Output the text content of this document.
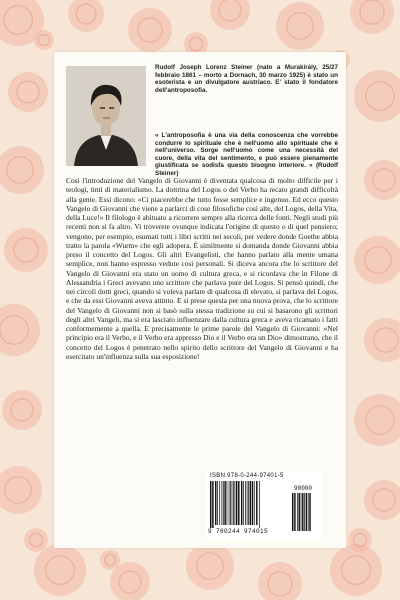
Rudolf Joseph Lorenz Steiner (nato a Murakirály, 25/27 febbraio 1861 – morto a Dornach, 30 marzo 1925) è stato un esoterista e un divulgatore austriaco. E' stato il fondatore dell'antroposofia.
« L'antroposofia è una via della conoscenza che vorrebbe condurre lo spirituale che è nell'uomo allo spirituale che è nell'universo. Sorge nell'uomo come una necessità del cuore, della vita del sentimento, e può essere pienamente giustificata se sodisfa questo bisogno interiore. » (Rudolf Steiner)
Così l'introduzione del Vangelo di Giovanni è diventata qualcosa di molto difficile per i teologi, tinti di materialismo. La dottrina del Logos o del Verbo ha recato grandi difficoltà alla gente. Essi dicono: «Ci piacerebbe che tutto fosse semplice e ingenuo. Ed ecco questo Vangelo di Giovanni che viene a parlarci di cose filosofiche così alte, del Logos, della Vita, della Luce!» Il filologo è abituato a ricorrere sempre alla ricerca delle fonti. Negli studi più recenti non si fa altro. Vi troverete ovunque indicata l'origine di questo o di quel pensiero; vengono, per esempio, esumati tutti i libri scritti nei secoli, per vedere donde Goethe abbia tratto la parola «Wurm» che egli adopera. È similmente si domanda donde Giovanni abbia preso il concetto del Logos. Gli altri Evangelisti, che hanno parlato alla mente umana semplice, non hanno espresso vedute così personali. Si diceva ancora che lo scrittore del Vangelo di Giovanni era stato un uomo di cultura greca, e si ricordava che in Filone di Alessandria i Greci avevano uno scrittore che parlava pure del Logos. Si pensò quindi, che nei circoli dotti greci, quando si voleva parlare di qualcosa di elevato, si parlava del Logos, e che da essi Giovanni aveva attinto. E si prese questa per una nuova prova, che lo scrittore del Vangelo di Giovanni non si basò sulla stessa tradizione su cui si basarono gli scrittori degli altri Vangeli, ma si era lasciato influenzare dalla cultura greca e aveva ricamato i fatti conformemente a quella. E precisamente le prime parole del Vangelo di Giovanni: «Nel principio era il Verbo, e il Verbo era appresso Dio e il Verbo era un Dio» dimostrano, che il concetto del Logos è penetrato nello spirito dello scrittore del Vangelo di Giovanni e ha esercitato un'influenza sulla sua esposizione!
ISBN 978-0-244-97401-5
90000
9 780244 974015
